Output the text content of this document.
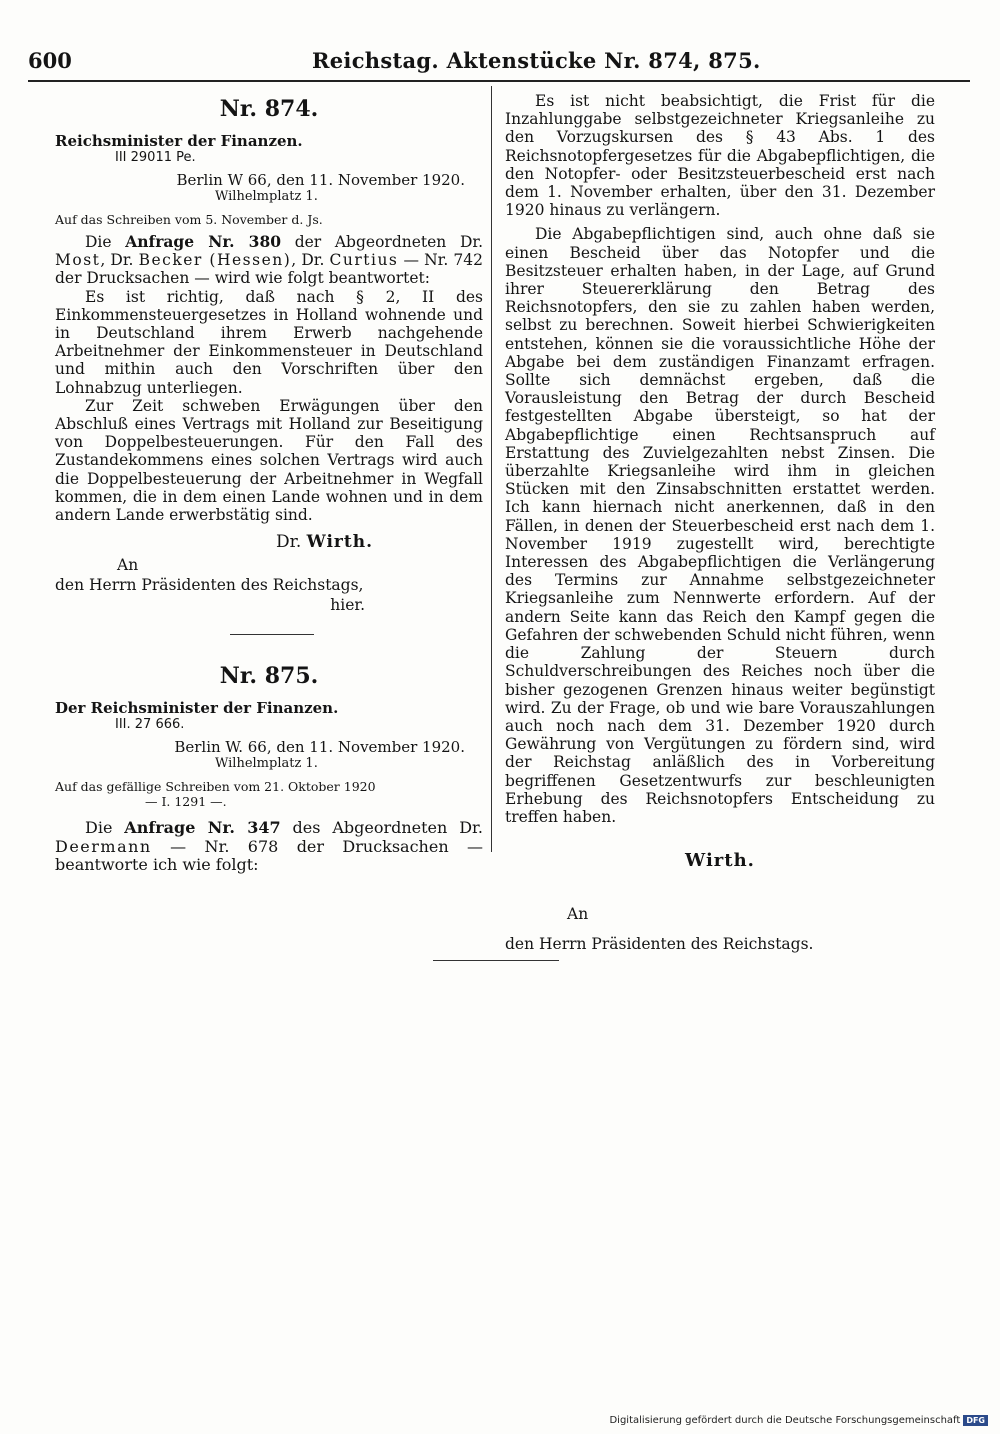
600	Reichstag. Aktenstücke Nr. 874, 875.
Nr. 874.
Reichsminister der Finanzen.
III 29011 Pe.
Berlin W 66, den 11. November 1920.
Wilhelmplatz 1.
Auf das Schreiben vom 5. November d. Js.

Die Anfrage Nr. 380 der Abgeordneten Dr. Most, Dr. Becker (Hessen), Dr. Curtius — Nr. 742 der Drucksachen — wird wie folgt beantwortet:

Es ist richtig, daß nach § 2, II des Einkommensteuergesetzes in Holland wohnende und in Deutschland ihrem Erwerb nachgehende Arbeitnehmer der Einkommensteuer in Deutschland und mithin auch den Vorschriften über den Lohnabzug unterliegen.

Zur Zeit schweben Erwägungen über den Abschluß eines Vertrags mit Holland zur Beseitigung von Doppelbesteuerungen. Für den Fall des Zustandekommens eines solchen Vertrags wird auch die Doppelbesteuerung der Arbeitnehmer in Wegfall kommen, die in dem einen Lande wohnen und in dem andern Lande erwerbstätig sind.

Dr. Wirth.
An
den Herrn Präsidenten des Reichstags,
hier.
Nr. 875.
Der Reichsminister der Finanzen.
III. 27 666.
Berlin W. 66, den 11. November 1920.
Wilhelmplatz 1.
Auf das gefällige Schreiben vom 21. Oktober 1920
— I. 1291 —.

Die Anfrage Nr. 347 des Abgeordneten Dr. Deermann — Nr. 678 der Drucksachen — beantworte ich wie folgt:

Es ist nicht beabsichtigt, die Frist für die Inzahlunggabe selbstgezeichneter Kriegsanleihe zu den Vorzugskursen des § 43 Abs. 1 des Reichsnotopfergesetzes für die Abgabepflichtigen, die den Notopfer- oder Besitzsteuerbescheid erst nach dem 1. November erhalten, über den 31. Dezember 1920 hinaus zu verlängern.

Die Abgabepflichtigen sind, auch ohne daß sie einen Bescheid über das Notopfer und die Besitzsteuer erhalten haben, in der Lage, auf Grund ihrer Steuererklärung den Betrag des Reichsnotopfers, den sie zu zahlen haben werden, selbst zu berechnen. Soweit hierbei Schwierigkeiten entstehen, können sie die voraussichtliche Höhe der Abgabe bei dem zuständigen Finanzamt erfragen. Sollte sich demnächst ergeben, daß die Vorausleistung den Betrag der durch Bescheid festgestellten Abgabe übersteigt, so hat der Abgabepflichtige einen Rechtsanspruch auf Erstattung des Zuvielgezahlten nebst Zinsen. Die überzahlte Kriegsanleihe wird ihm in gleichen Stücken mit den Zinsabschnitten erstattet werden. Ich kann hiernach nicht anerkennen, daß in den Fällen, in denen der Steuerbescheid erst nach dem 1. November 1919 zugestellt wird, berechtigte Interessen des Abgabepflichtigen die Verlängerung des Termins zur Annahme selbstgezeichneter Kriegsanleihe zum Nennwerte erfordern. Auf der andern Seite kann das Reich den Kampf gegen die Gefahren der schwebenden Schuld nicht führen, wenn die Zahlung der Steuern durch Schuldverschreibungen des Reiches noch über die bisher gezogenen Grenzen hinaus weiter begünstigt wird. Zu der Frage, ob und wie bare Vorauszahlungen auch noch nach dem 31. Dezember 1920 durch Gewährung von Vergütungen zu fördern sind, wird der Reichstag anläßlich des in Vorbereitung begriffenen Gesetzentwurfs zur beschleunigten Erhebung des Reichsnotopfers Entscheidung zu treffen haben.

Wirth.
An
den Herrn Präsidenten des Reichstags.
Digitalisierung gefördert durch die Deutsche Forschungsgemeinschaft DFG
